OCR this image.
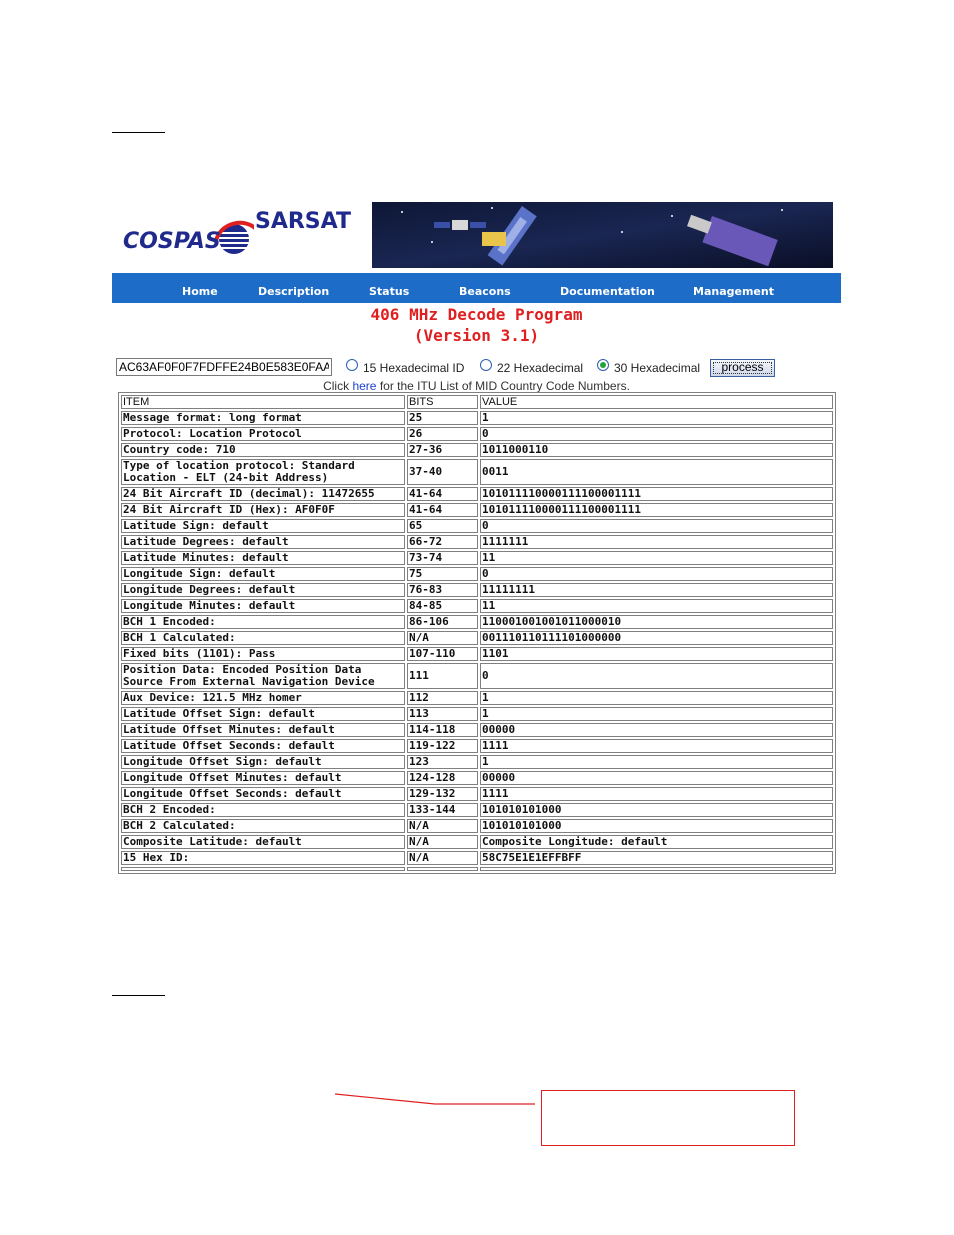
SARSAT
COSPAS
Home	Description	Status	Beacons	Documentation	Management
406 MHz Decode Program
(Version 3.1)
AC63AF0F0F7FDFFE24B0E583E0FAA
15 Hexadecimal ID	22 Hexadecimal	30 Hexadecimal	process
Click here for the ITU List of MID Country Code Numbers.
ITEM	BITS	VALUE
Message format: long format	25	1
Protocol: Location Protocol	26	0
Country code: 710	27-36	1011000110
Type of location protocol: Standard Location - ELT (24-bit Address)	37-40	0011
24 Bit Aircraft ID (decimal): 11472655	41-64	101011110000111100001111
24 Bit Aircraft ID (Hex): AF0F0F	41-64	101011110000111100001111
Latitude Sign: default	65	0
Latitude Degrees: default	66-72	1111111
Latitude Minutes: default	73-74	11
Longitude Sign: default	75	0
Longitude Degrees: default	76-83	11111111
Longitude Minutes: default	84-85	11
BCH 1 Encoded:	86-106	110001001001011000010
BCH 1 Calculated:	N/A	001110110111101000000
Fixed bits (1101): Pass	107-110	1101
Position Data: Encoded Position Data Source From External Navigation Device	111	0
Aux Device: 121.5 MHz homer	112	1
Latitude Offset Sign: default	113	1
Latitude Offset Minutes: default	114-118	00000
Latitude Offset Seconds: default	119-122	1111
Longitude Offset Sign: default	123	1
Longitude Offset Minutes: default	124-128	00000
Longitude Offset Seconds: default	129-132	1111
BCH 2 Encoded:	133-144	101010101000
BCH 2 Calculated:	N/A	101010101000
Composite Latitude: default	N/A	Composite Longitude: default
15 Hex ID:	N/A	58C75E1E1EFFBFF
